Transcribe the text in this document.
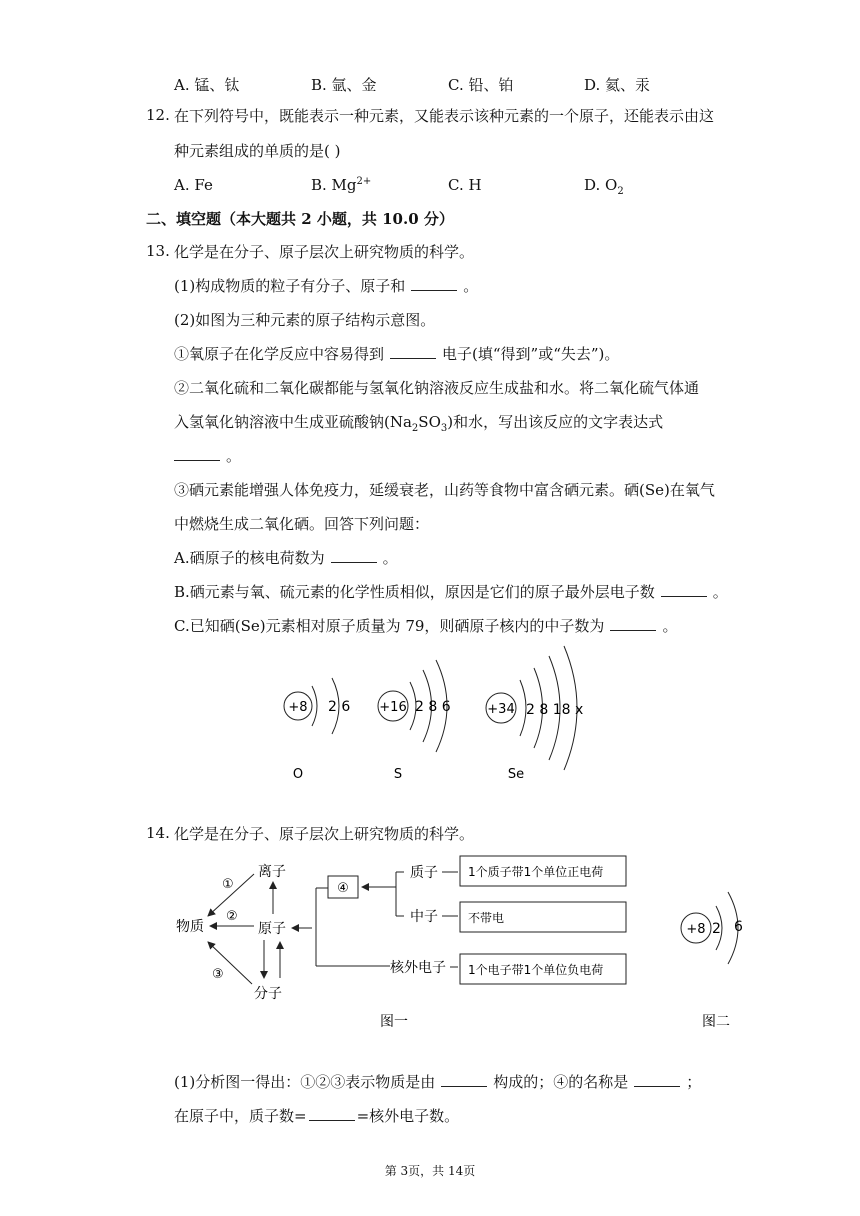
A. 锰、钛	B. 氩、金	C. 铅、铂	D. 氦、汞
12. 在下列符号中，既能表示一种元素，又能表示该种元素的一个原子，还能表示由这
种元素组成的单质的是( )
A. Fe	B. $Mg^{2+}$	C. H	D. $O_2$
二、填空题（本大题共 2 小题，共 10.0 分）
13. 化学是在分子、原子层次上研究物质的科学。
(1)构成物质的粒子有分子、原子和	。
(2)如图为三种元素的原子结构示意图。
①氧原子在化学反应中容易得到	电子(填“得到”或“失去”)。
②二氧化硫和二氧化碳都能与氢氧化钠溶液反应生成盐和水。将二氧化硫气体通
入氢氧化钠溶液中生成亚硫酸钠$(Na_2SO_3)$和水，写出该反应的文字表达式
。
③硒元素能增强人体免疫力，延缓衰老，山药等食物中富含硒元素。硒(Se)在氧气
中燃烧生成二氧化硒。回答下列问题：
A.硒原子的核电荷数为	。
B.硒元素与氧、硫元素的化学性质相似，原因是它们的原子最外层电子数	。
C.已知硒(Se)元素相对原子质量为 79，则硒原子核内的中子数为	。
+8 2 6
O
+16 2 8 6
S
+34 2 8 18 x
Se
14. 化学是在分子、原子层次上研究物质的科学。
离子
物质	原子
分子
①
②
③
④
质子
中子
核外电子
1个质子带1个单位正电荷
不带电
1个电子带1个单位负电荷
图一
+8 2 6
图二
(1)分析图一得出：①②③表示物质是由	构成的；④的名称是	；
在原子中，质子数=	=核外电子数。
第 3页，共 14页
